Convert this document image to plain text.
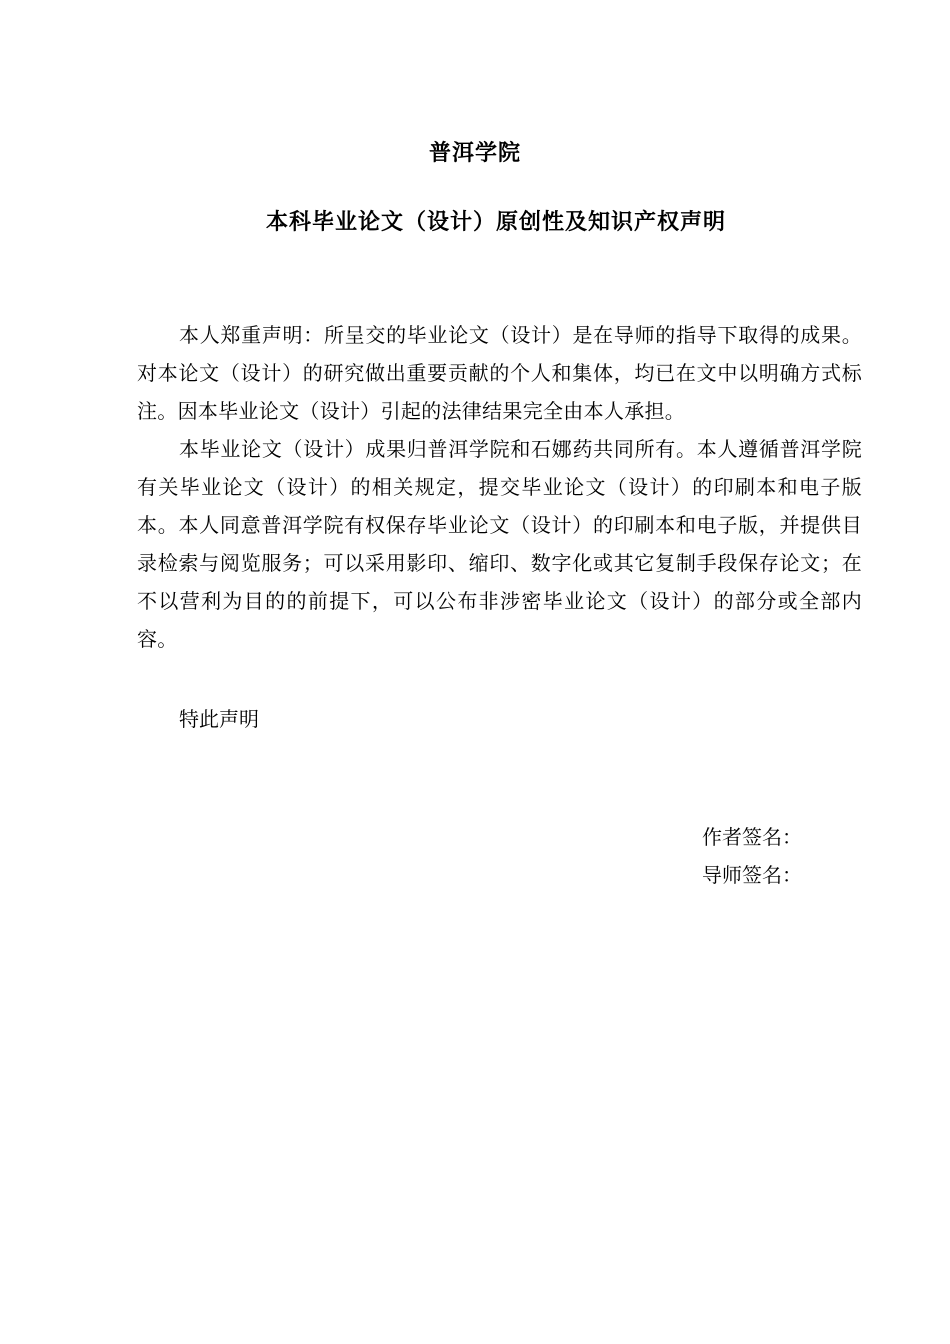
普洱学院
本科毕业论文（设计）原创性及知识产权声明

本人郑重声明：所呈交的毕业论文（设计）是在导师的指导下取得的成果。对本论文（设计）的研究做出重要贡献的个人和集体，均已在文中以明确方式标注。因本毕业论文（设计）引起的法律结果完全由本人承担。

本毕业论文（设计）成果归普洱学院和石娜药共同所有。本人遵循普洱学院有关毕业论文（设计）的相关规定，提交毕业论文（设计）的印刷本和电子版本。本人同意普洱学院有权保存毕业论文（设计）的印刷本和电子版，并提供目录检索与阅览服务；可以采用影印、缩印、数字化或其它复制手段保存论文；在不以营利为目的的前提下，可以公布非涉密毕业论文（设计）的部分或全部内容。

特此声明

作者签名：
导师签名：
